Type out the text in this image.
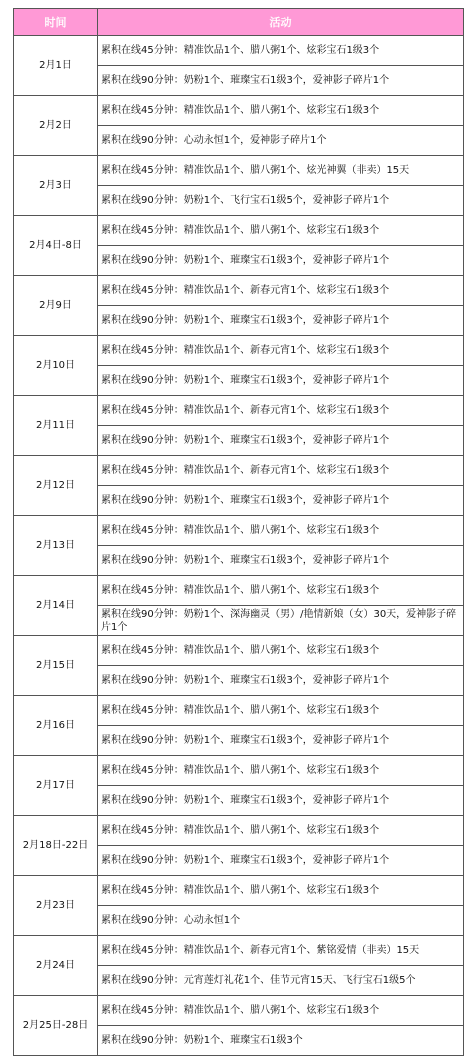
时间	活动
2月1日	累积在线45分钟：精准饮品1个、腊八粥1个、炫彩宝石1级3个
	累积在线90分钟：奶粉1个、璀璨宝石1级3个，爱神影子碎片1个
2月2日	累积在线45分钟：精准饮品1个、腊八粥1个、炫彩宝石1级3个
	累积在线90分钟：心动永恒1个，爱神影子碎片1个
2月3日	累积在线45分钟：精准饮品1个、腊八粥1个、炫光神翼（非卖）15天
	累积在线90分钟：奶粉1个、飞行宝石1级5个，爱神影子碎片1个
2月4日-8日	累积在线45分钟：精准饮品1个、腊八粥1个、炫彩宝石1级3个
	累积在线90分钟：奶粉1个、璀璨宝石1级3个，爱神影子碎片1个
2月9日	累积在线45分钟：精准饮品1个、新春元宵1个、炫彩宝石1级3个
	累积在线90分钟：奶粉1个、璀璨宝石1级3个，爱神影子碎片1个
2月10日	累积在线45分钟：精准饮品1个、新春元宵1个、炫彩宝石1级3个
	累积在线90分钟：奶粉1个、璀璨宝石1级3个，爱神影子碎片1个
2月11日	累积在线45分钟：精准饮品1个、新春元宵1个、炫彩宝石1级3个
	累积在线90分钟：奶粉1个、璀璨宝石1级3个，爱神影子碎片1个
2月12日	累积在线45分钟：精准饮品1个、新春元宵1个、炫彩宝石1级3个
	累积在线90分钟：奶粉1个、璀璨宝石1级3个，爱神影子碎片1个
2月13日	累积在线45分钟：精准饮品1个、腊八粥1个、炫彩宝石1级3个
	累积在线90分钟：奶粉1个、璀璨宝石1级3个，爱神影子碎片1个
2月14日	累积在线45分钟：精准饮品1个、腊八粥1个、炫彩宝石1级3个
	累积在线90分钟：奶粉1个、深海幽灵（男）/艳情新娘（女）30天，爱神影子碎片1个
2月15日	累积在线45分钟：精准饮品1个、腊八粥1个、炫彩宝石1级3个
	累积在线90分钟：奶粉1个、璀璨宝石1级3个，爱神影子碎片1个
2月16日	累积在线45分钟：精准饮品1个、腊八粥1个、炫彩宝石1级3个
	累积在线90分钟：奶粉1个、璀璨宝石1级3个，爱神影子碎片1个
2月17日	累积在线45分钟：精准饮品1个、腊八粥1个、炫彩宝石1级3个
	累积在线90分钟：奶粉1个、璀璨宝石1级3个，爱神影子碎片1个
2月18日-22日	累积在线45分钟：精准饮品1个、腊八粥1个、炫彩宝石1级3个
	累积在线90分钟：奶粉1个、璀璨宝石1级3个，爱神影子碎片1个
2月23日	累积在线45分钟：精准饮品1个、腊八粥1个、炫彩宝石1级3个
	累积在线90分钟：心动永恒1个
2月24日	累积在线45分钟：精准饮品1个、新春元宵1个、紫铭爱情（非卖）15天
	累积在线90分钟：元宵莲灯礼花1个、佳节元宵15天、飞行宝石1级5个
2月25日-28日	累积在线45分钟：精准饮品1个、腊八粥1个、炫彩宝石1级3个
	累积在线90分钟：奶粉1个、璀璨宝石1级3个
